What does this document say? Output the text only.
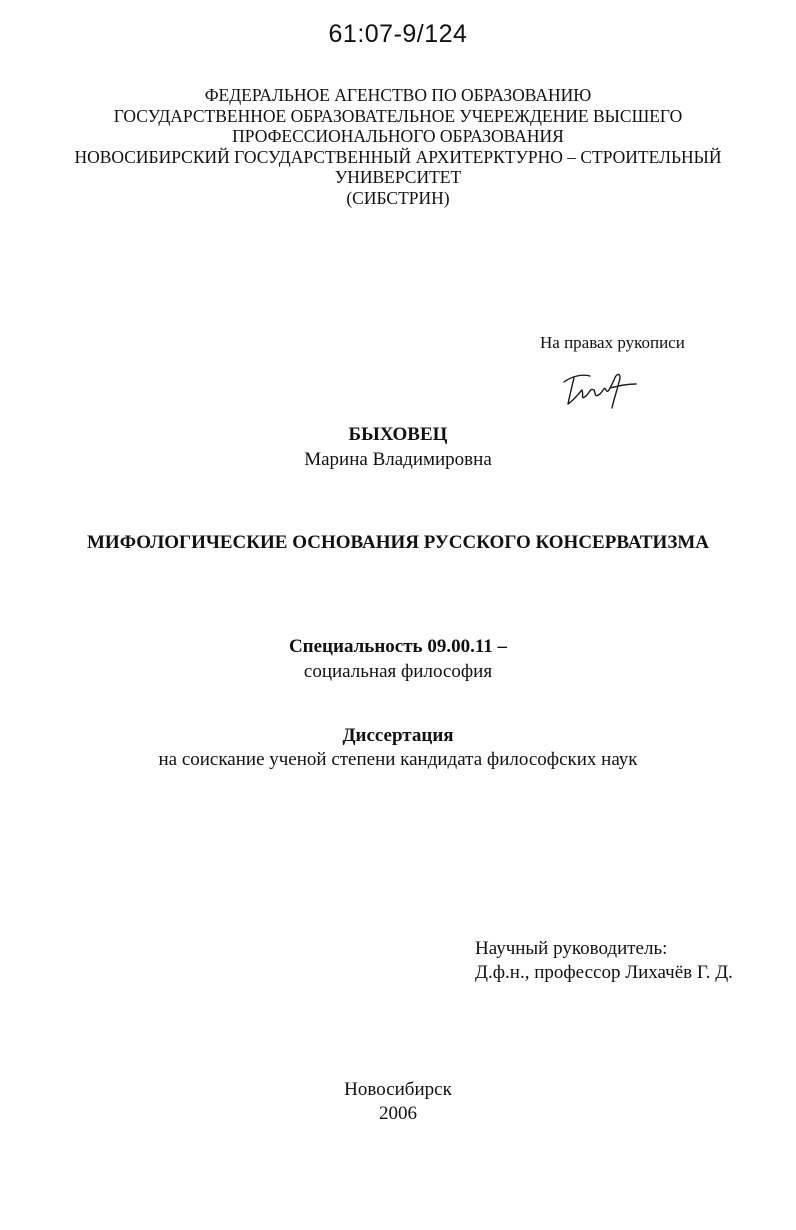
61:07-9/124
ФЕДЕРАЛЬНОЕ АГЕНСТВО ПО ОБРАЗОВАНИЮ
ГОСУДАРСТВЕННОЕ ОБРАЗОВАТЕЛЬНОЕ УЧЕРЕЖДЕНИЕ ВЫСШЕГО
ПРОФЕССИОНАЛЬНОГО ОБРАЗОВАНИЯ
НОВОСИБИРСКИЙ ГОСУДАРСТВЕННЫЙ АРХИТЕРКТУРНО – СТРОИТЕЛЬНЫЙ
УНИВЕРСИТЕТ
(СИБСТРИН)
На правах рукописи
БЫХОВЕЦ
Марина Владимировна
МИФОЛОГИЧЕСКИЕ ОСНОВАНИЯ РУССКОГО КОНСЕРВАТИЗМА
Специальность 09.00.11 –
социальная философия
Диссертация
на соискание ученой степени кандидата философских наук
Научный руководитель:
Д.ф.н., профессор Лихачёв Г. Д.
Новосибирск
2006
